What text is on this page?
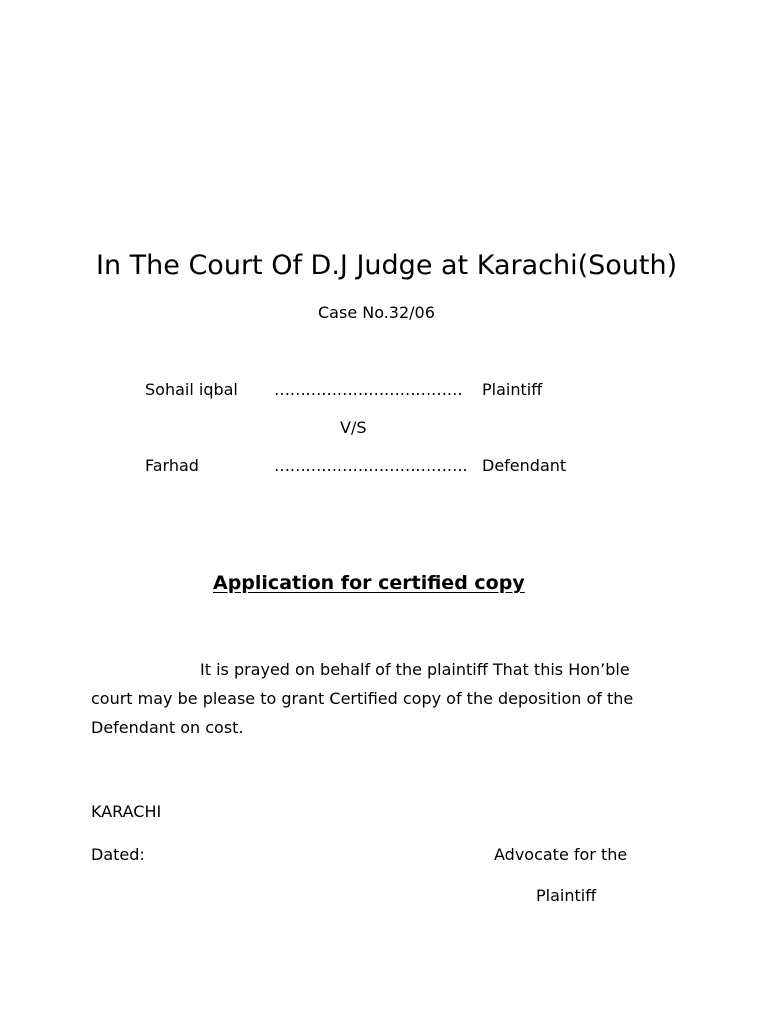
In The Court Of D.J Judge at Karachi(South)
Case No.32/06
Sohail iqbal ……………………………… Plaintiff
V/S
Farhad	………………………………. Defendant
Application for certified copy
It is prayed on behalf of the plaintiff That this Hon’ble
court may be please to grant Certified copy of the deposition of the
Defendant on cost.
KARACHI
Dated:	Advocate for the
Plaintiff
